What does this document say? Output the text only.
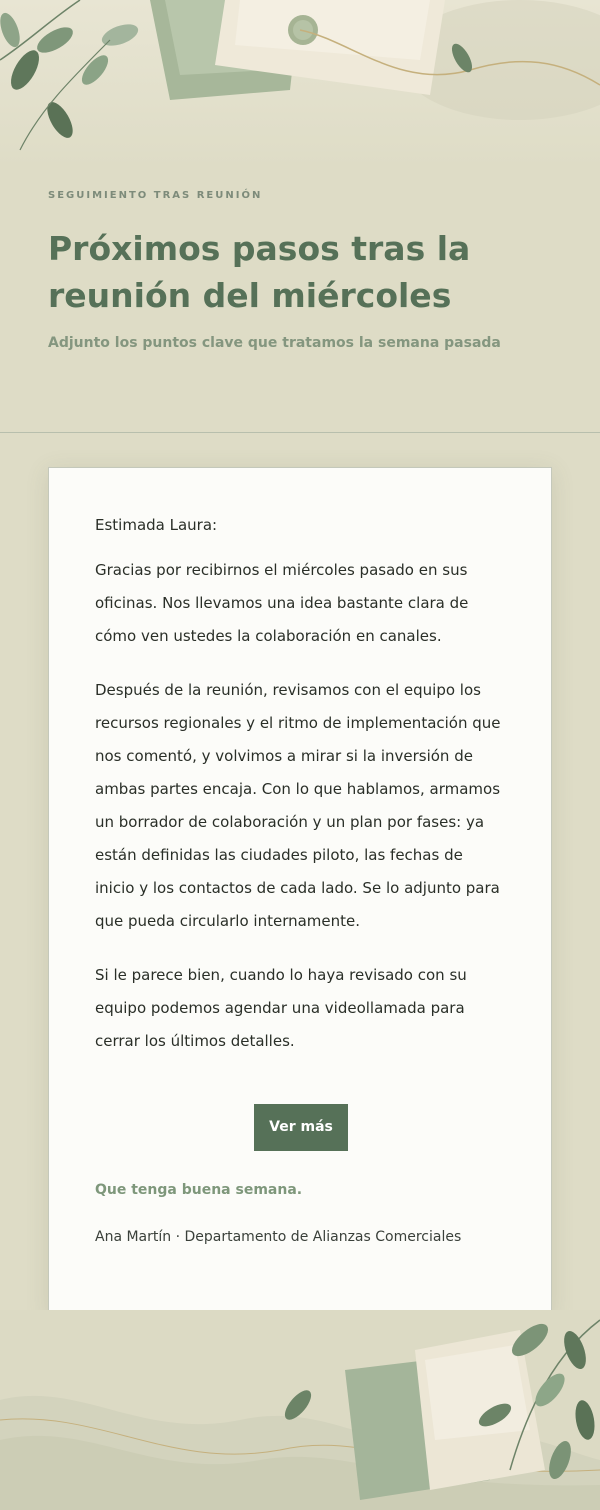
SEGUIMIENTO TRAS REUNIÓN
Próximos pasos tras la
reunión del miércoles
Adjunto los puntos clave que tratamos la semana pasada
Estimada Laura:

Gracias por recibirnos el miércoles pasado en sus oficinas. Nos llevamos una idea bastante clara de cómo ven ustedes la colaboración en canales.

Después de la reunión, revisamos con el equipo los recursos regionales y el ritmo de implementación que nos comentó, y volvimos a mirar si la inversión de ambas partes encaja. Con lo que hablamos, armamos un borrador de colaboración y un plan por fases: ya están definidas las ciudades piloto, las fechas de inicio y los contactos de cada lado. Se lo adjunto para que pueda circularlo internamente.

Si le parece bien, cuando lo haya revisado con su equipo podemos agendar una videollamada para cerrar los últimos detalles.

Ver más
Que tenga buena semana.
Ana Martín · Departamento de Alianzas Comerciales
